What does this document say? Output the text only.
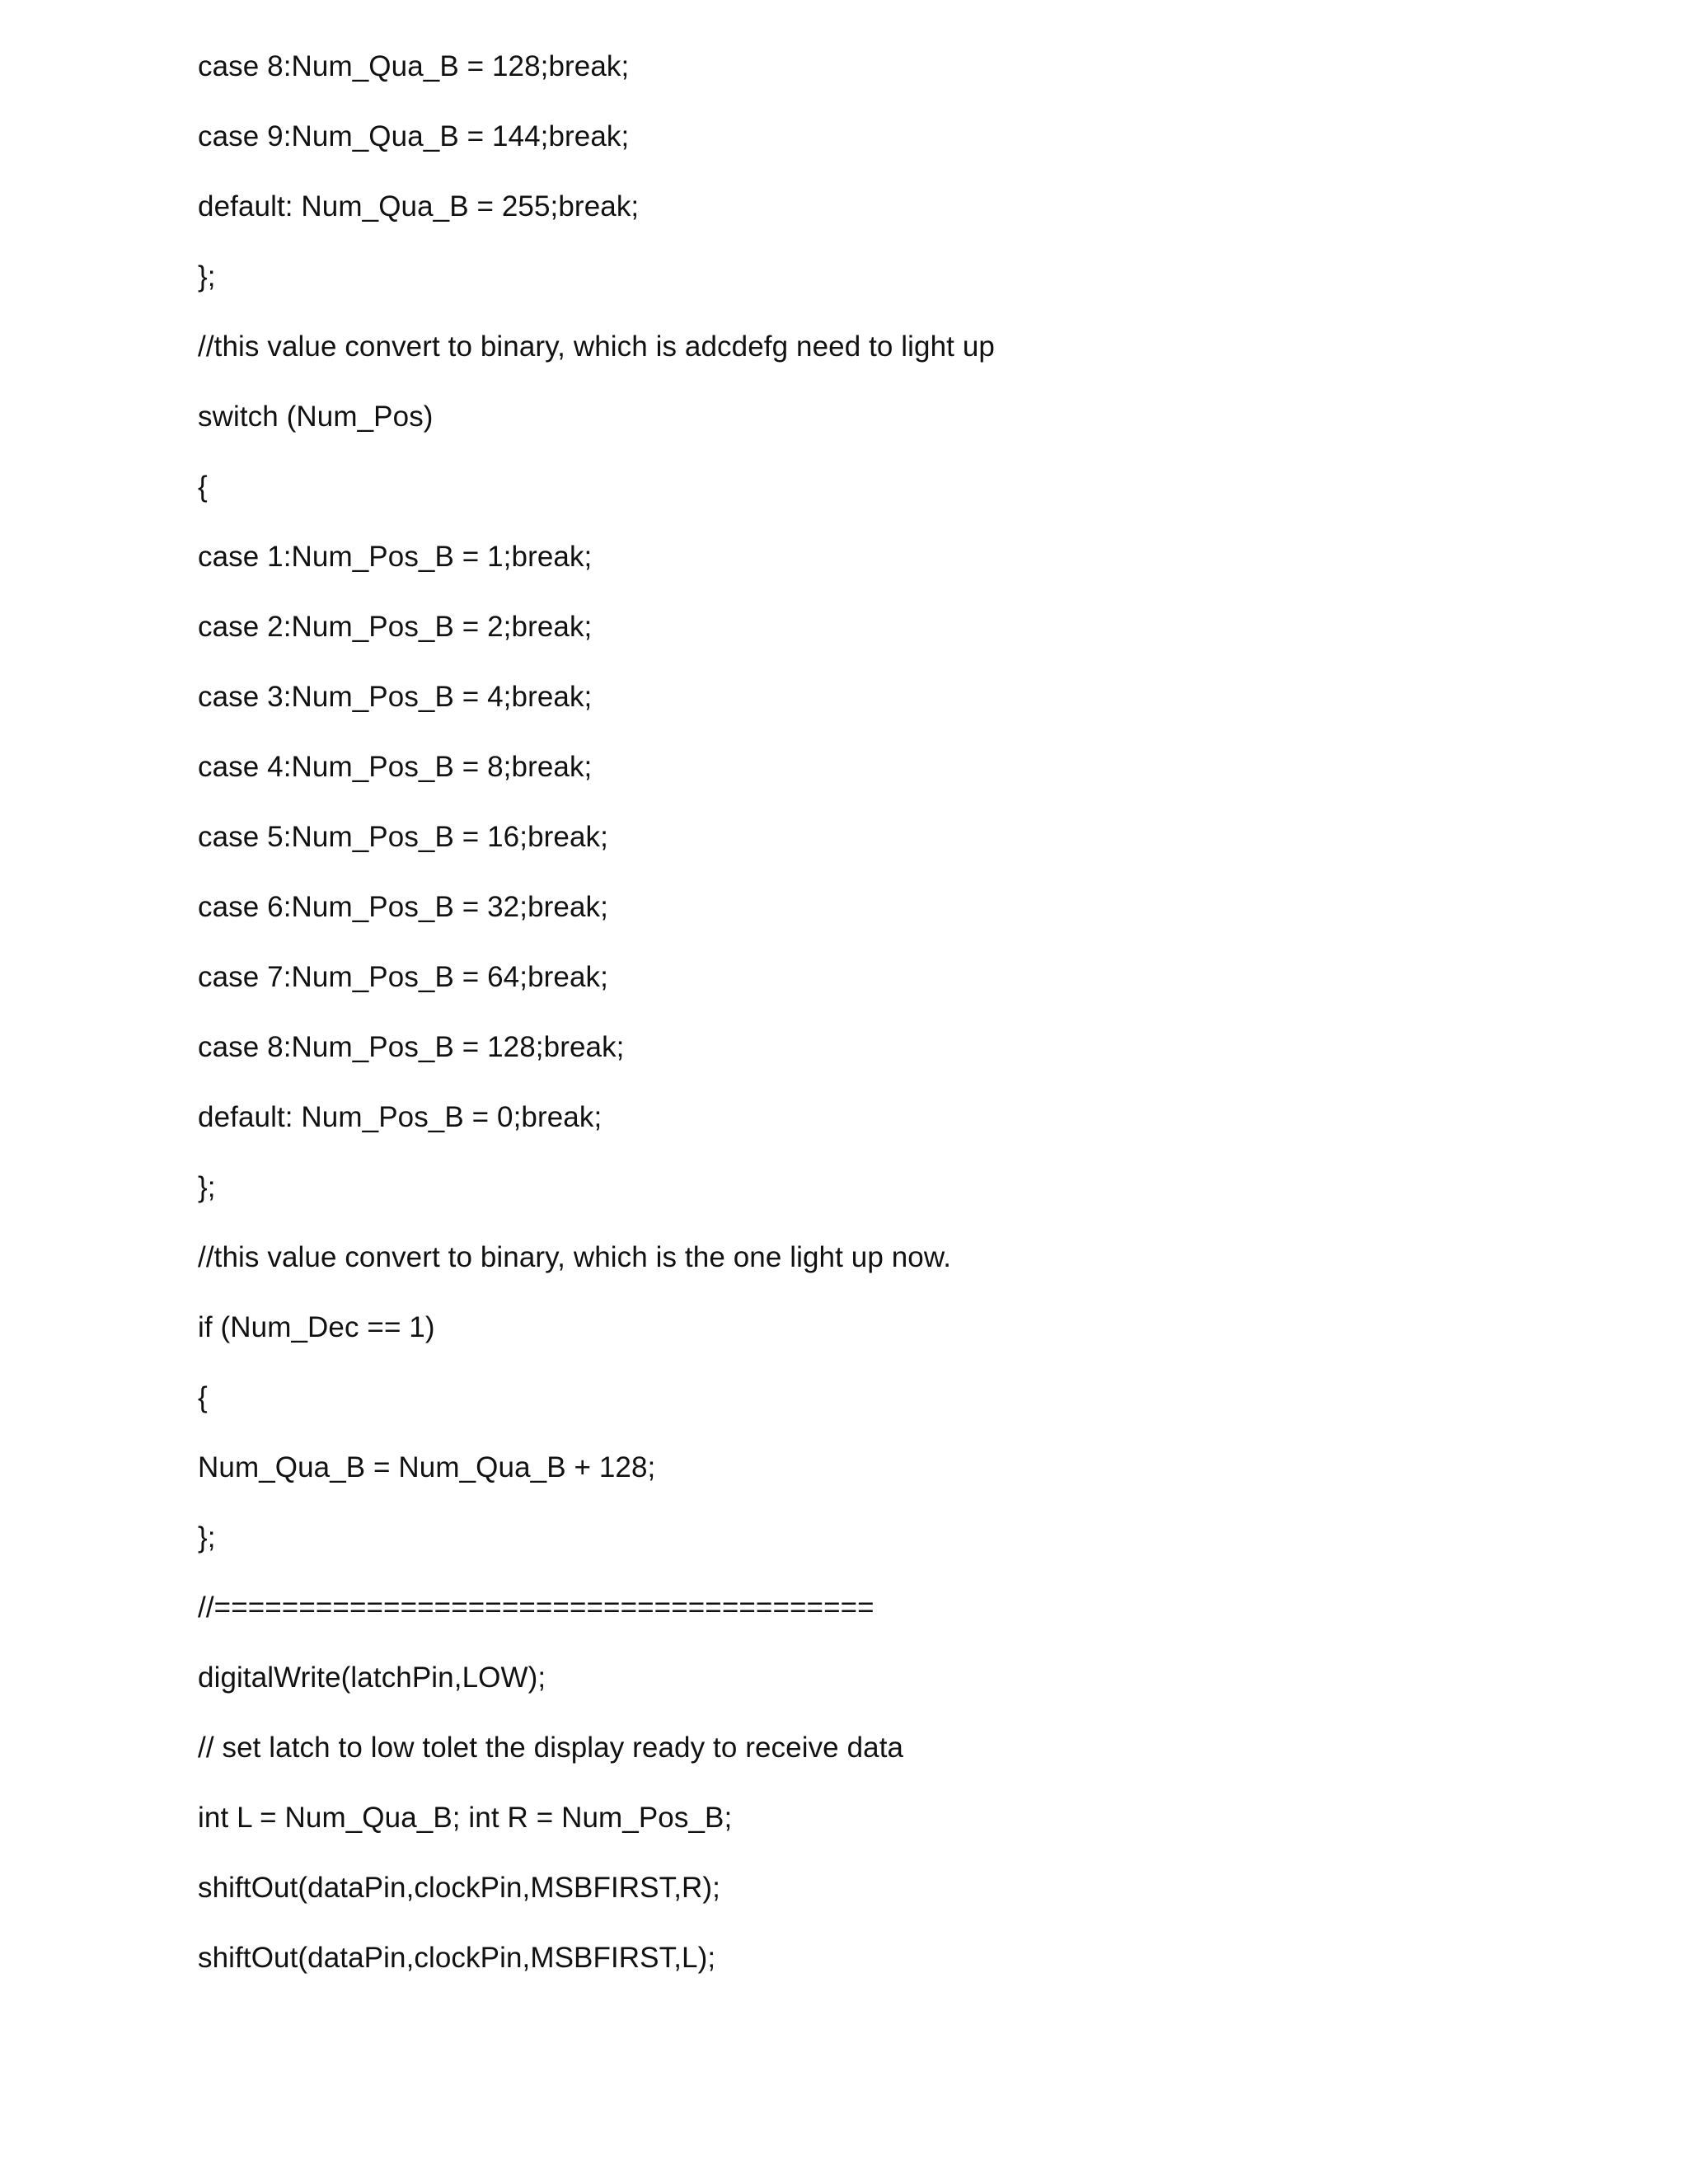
case 8:Num_Qua_B = 128;break;
case 9:Num_Qua_B = 144;break;
default: Num_Qua_B = 255;break;
};
//this value convert to binary, which is adcdefg need to light up
switch (Num_Pos)
{
case 1:Num_Pos_B = 1;break;
case 2:Num_Pos_B = 2;break;
case 3:Num_Pos_B = 4;break;
case 4:Num_Pos_B = 8;break;
case 5:Num_Pos_B = 16;break;
case 6:Num_Pos_B = 32;break;
case 7:Num_Pos_B = 64;break;
case 8:Num_Pos_B = 128;break;
default: Num_Pos_B = 0;break;
};
//this value convert to binary, which is the one light up now.
if (Num_Dec == 1)
{
Num_Qua_B = Num_Qua_B + 128;
};
//=======================================
digitalWrite(latchPin,LOW);
// set latch to low tolet the display ready to receive data
int L = Num_Qua_B; int R = Num_Pos_B;
shiftOut(dataPin,clockPin,MSBFIRST,R);
shiftOut(dataPin,clockPin,MSBFIRST,L);
